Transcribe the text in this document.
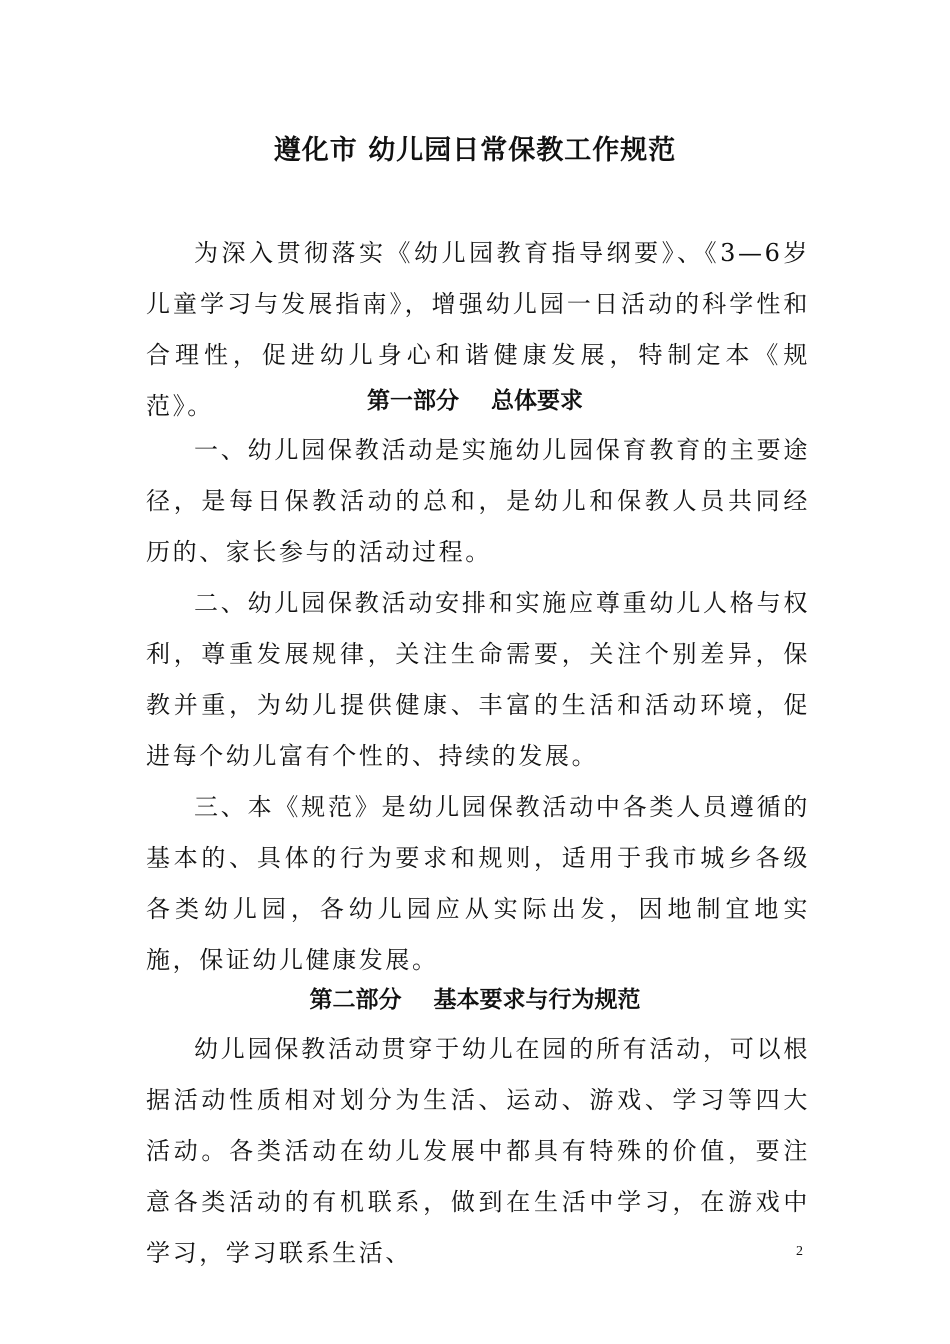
遵化市 幼儿园日常保教工作规范

为深入贯彻落实《幼儿园教育指导纲要》、《3—6岁儿童学习与发展指南》，增强幼儿园一日活动的科学性和合理性，促进幼儿身心和谐健康发展，特制定本《规范》。	第一部分    总体要求

一、幼儿园保教活动是实施幼儿园保育教育的主要途径，是每日保教活动的总和，是幼儿和保教人员共同经历的、家长参与的活动过程。

二、幼儿园保教活动安排和实施应尊重幼儿人格与权利，尊重发展规律，关注生命需要，关注个别差异，保教并重，为幼儿提供健康、丰富的生活和活动环境，促进每个幼儿富有个性的、持续的发展。

三、本《规范》是幼儿园保教活动中各类人员遵循的基本的、具体的行为要求和规则，适用于我市城乡各级各类幼儿园，各幼儿园应从实际出发，因地制宜地实施，保证幼儿健康发展。

第二部分    基本要求与行为规范

幼儿园保教活动贯穿于幼儿在园的所有活动，可以根据活动性质相对划分为生活、运动、游戏、学习等四大活动。各类活动在幼儿发展中都具有特殊的价值，要注意各类活动的有机联系，做到在生活中学习，在游戏中学习，学习联系生活、	2
